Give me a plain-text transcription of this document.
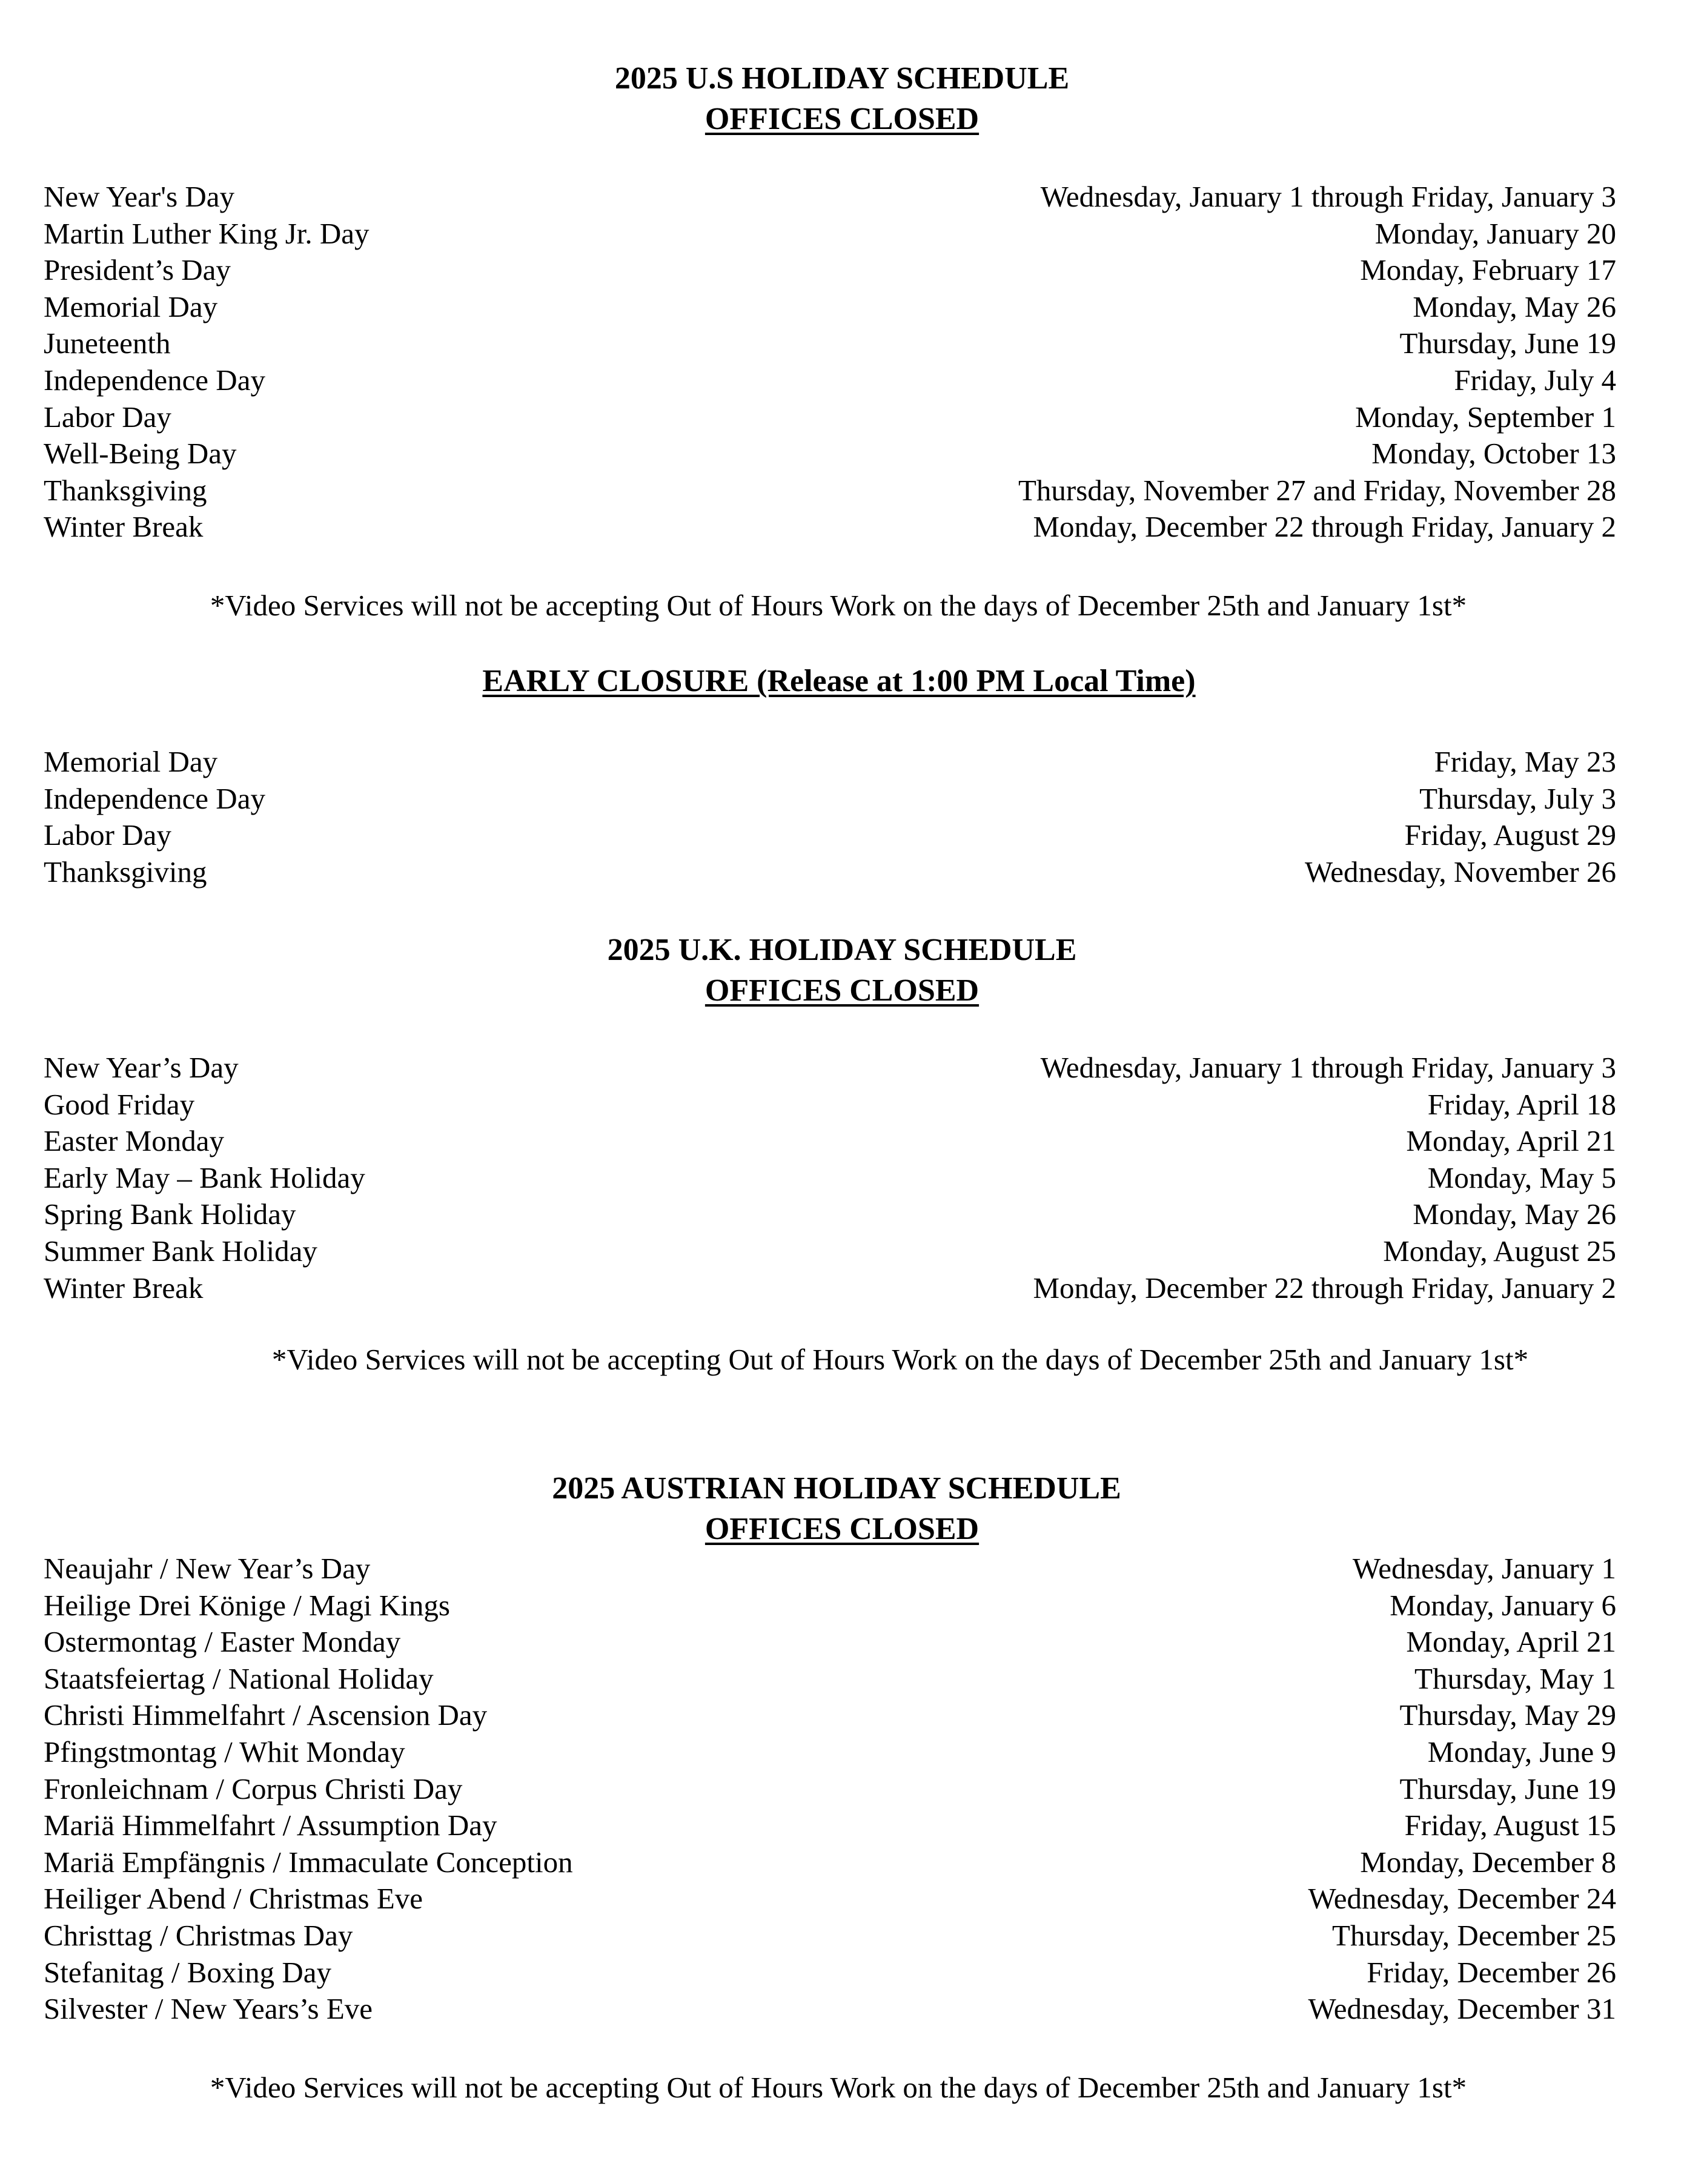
2025 U.S HOLIDAY SCHEDULE
OFFICES CLOSED
New Year's Day	Wednesday, January 1 through Friday, January 3
Martin Luther King Jr. Day	Monday, January 20
President’s Day	Monday, February 17
Memorial Day	Monday, May 26
Juneteenth	Thursday, June 19
Independence Day	Friday, July 4
Labor Day	Monday, September 1
Well-Being Day	Monday, October 13
Thanksgiving	Thursday, November 27 and Friday, November 28
Winter Break	Monday, December 22 through Friday, January 2
*Video Services will not be accepting Out of Hours Work on the days of December 25th and January 1st*
EARLY CLOSURE (Release at 1:00 PM Local Time)
Memorial Day	Friday, May 23
Independence Day	Thursday, July 3
Labor Day	Friday, August 29
Thanksgiving	Wednesday, November 26
2025 U.K. HOLIDAY SCHEDULE
OFFICES CLOSED
New Year’s Day	Wednesday, January 1 through Friday, January 3
Good Friday	Friday, April 18
Easter Monday	Monday, April 21
Early May – Bank Holiday	Monday, May 5
Spring Bank Holiday	Monday, May 26
Summer Bank Holiday	Monday, August 25
Winter Break	Monday, December 22 through Friday, January 2
*Video Services will not be accepting Out of Hours Work on the days of December 25th and January 1st*
2025 AUSTRIAN HOLIDAY SCHEDULE
OFFICES CLOSED
Neaujahr / New Year’s Day	Wednesday, January 1
Heilige Drei Könige / Magi Kings	Monday, January 6
Ostermontag / Easter Monday	Monday, April 21
Staatsfeiertag / National Holiday	Thursday, May 1
Christi Himmelfahrt / Ascension Day	Thursday, May 29
Pfingstmontag / Whit Monday	Monday, June 9
Fronleichnam / Corpus Christi Day	Thursday, June 19
Mariä Himmelfahrt / Assumption Day	Friday, August 15
Mariä Empfängnis / Immaculate Conception	Monday, December 8
Heiliger Abend / Christmas Eve	Wednesday, December 24
Christtag / Christmas Day	Thursday, December 25
Stefanitag / Boxing Day	Friday, December 26
Silvester / New Years’s Eve	Wednesday, December 31
*Video Services will not be accepting Out of Hours Work on the days of December 25th and January 1st*
